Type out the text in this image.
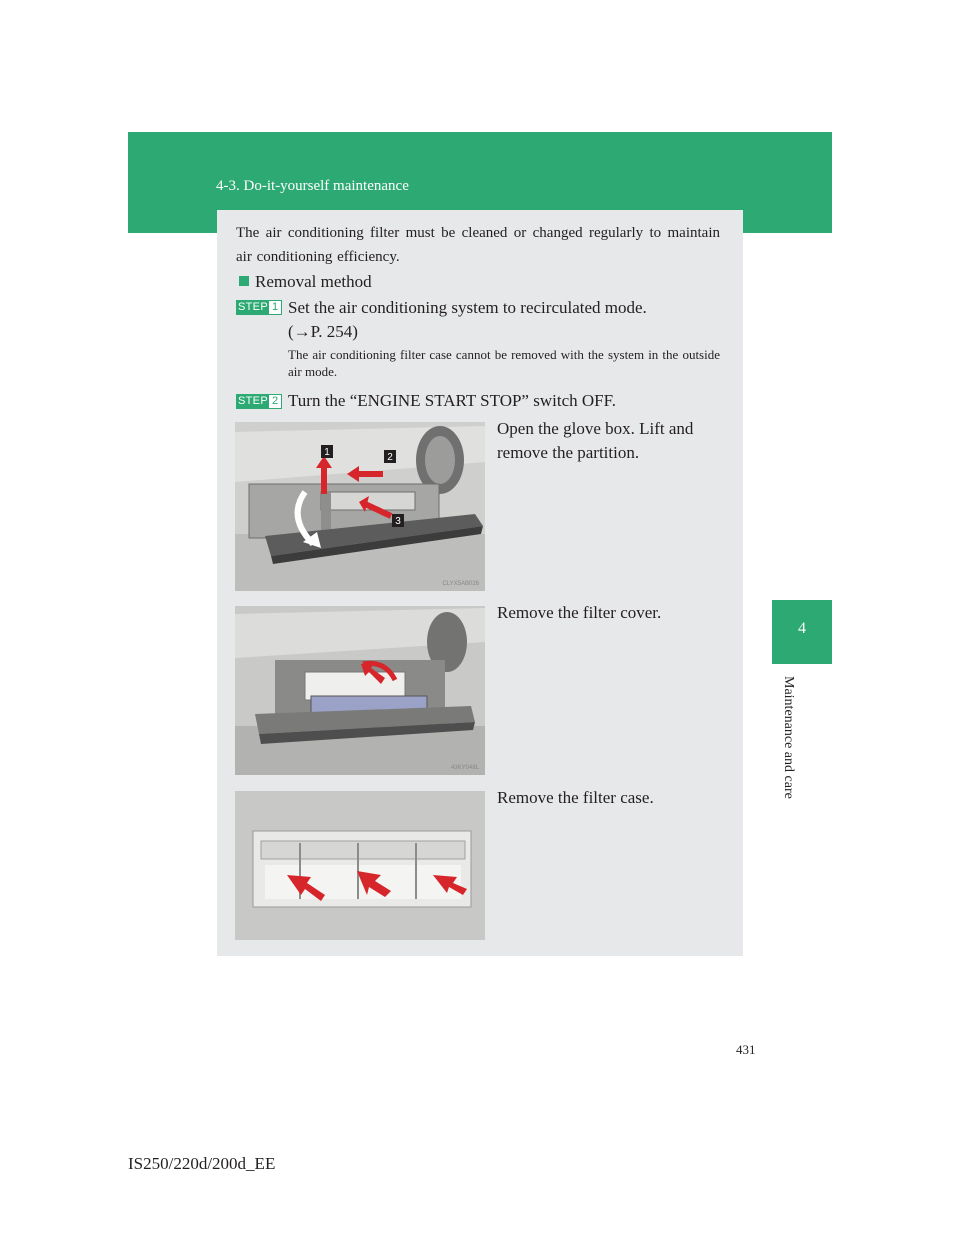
4-3. Do-it-yourself maintenance
4
Maintenance and care
The air conditioning filter must be cleaned or changed regularly to maintain air conditioning efficiency.
Removal method
STEP 1 Set the air conditioning system to recirculated mode.
(→P. 254)
The air conditioning filter case cannot be removed with the system in the outside air mode.
STEP 2 Turn the “ENGINE START STOP” switch OFF.
1	2
3
CLYX5AB026
Open the glove box. Lift and remove the partition.
43KY048L
Remove the filter cover.
Remove the filter case.
431
IS250/220d/200d_EE
